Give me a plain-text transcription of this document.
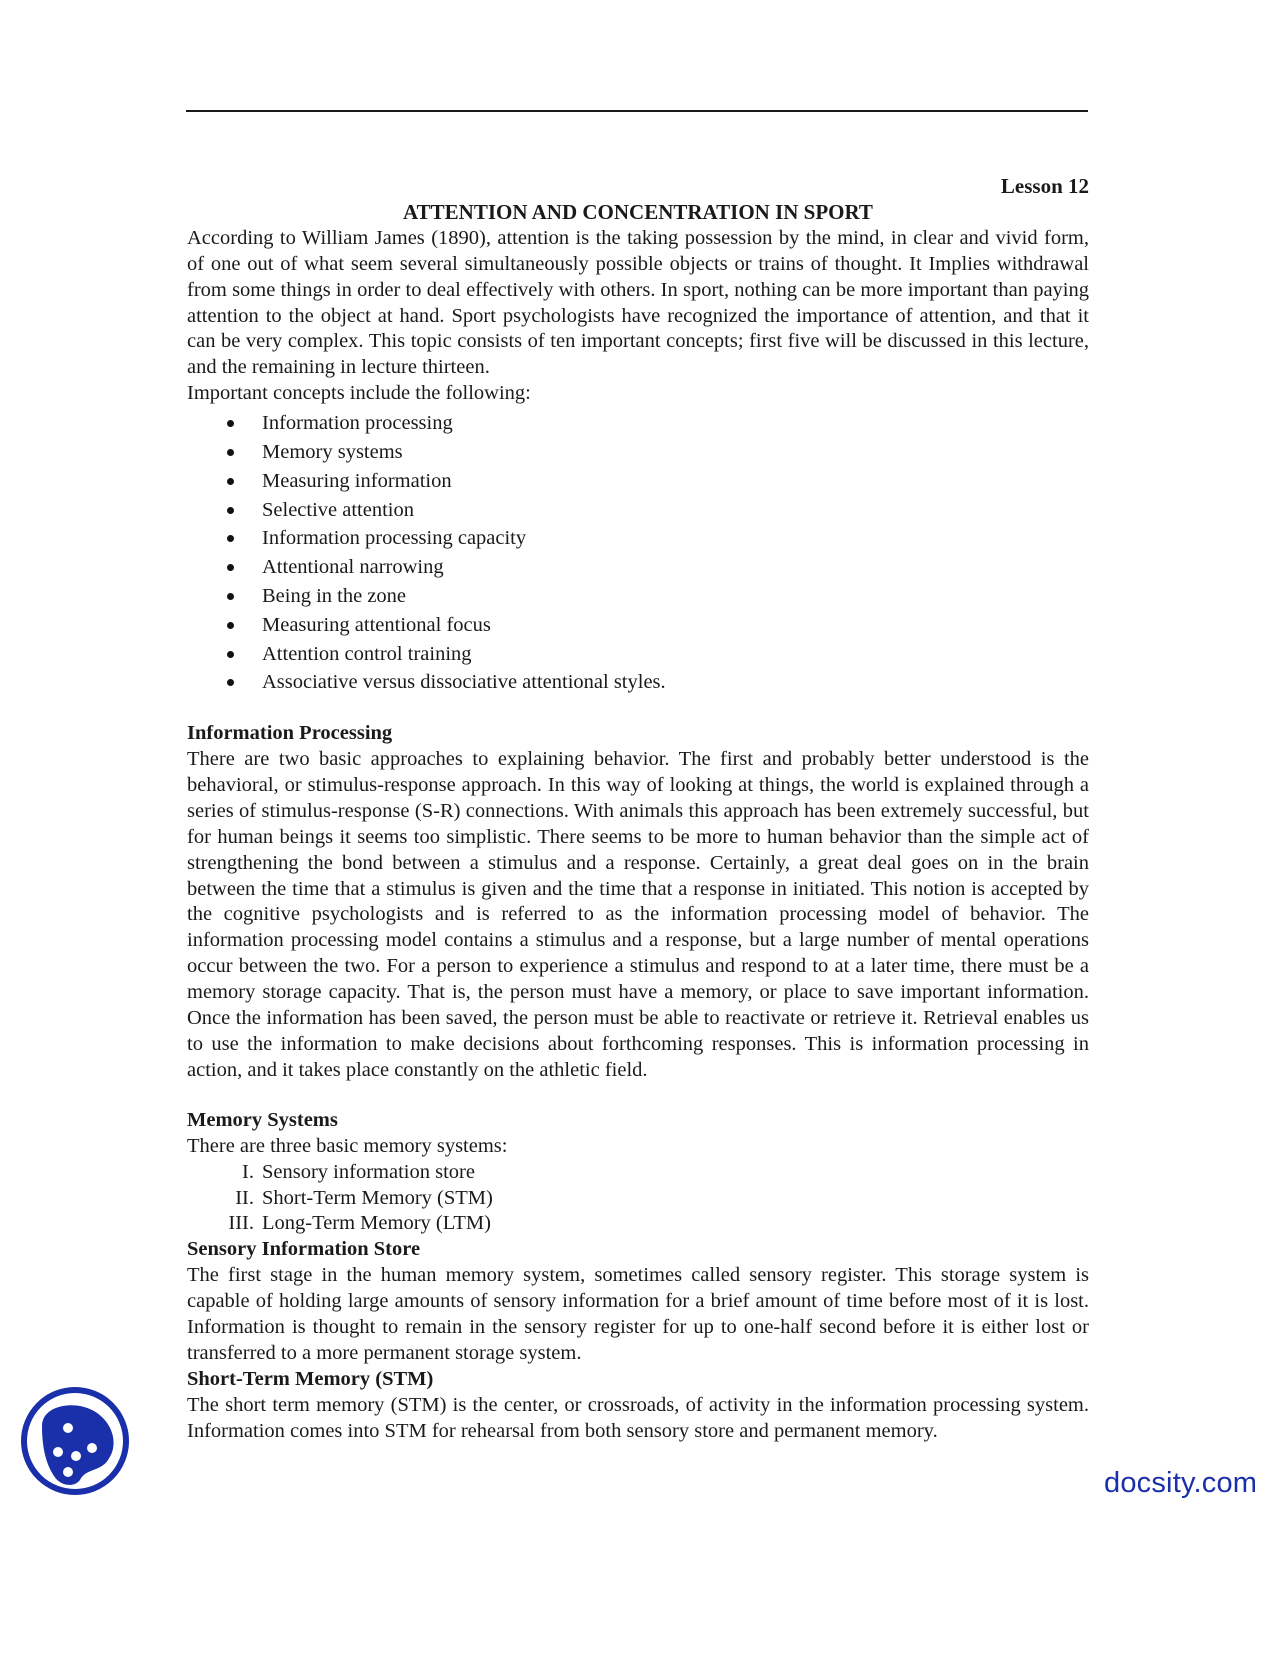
Lesson 12
ATTENTION AND CONCENTRATION IN SPORT

According to William James (1890), attention is the taking possession by the mind, in clear and vivid form, of one out of what seem several simultaneously possible objects or trains of thought. It Implies withdrawal from some things in order to deal effectively with others. In sport, nothing can be more important than paying attention to the object at hand. Sport psychologists have recognized the importance of attention, and that it can be very complex. This topic consists of ten important concepts; first five will be discussed in this lecture, and the remaining in lecture thirteen.

Important concepts include the following:
Information processing
Memory systems
Measuring information
Selective attention
Information processing capacity
Attentional narrowing
Being in the zone
Measuring attentional focus
Attention control training
Associative versus dissociative attentional styles.
Information Processing

There are two basic approaches to explaining behavior. The first and probably better understood is the behavioral, or stimulus-response approach. In this way of looking at things, the world is explained through a series of stimulus-response (S-R) connections. With animals this approach has been extremely successful, but for human beings it seems too simplistic. There seems to be more to human behavior than the simple act of strengthening the bond between a stimulus and a response. Certainly, a great deal goes on in the brain between the time that a stimulus is given and the time that a response in initiated. This notion is accepted by the cognitive psychologists and is referred to as the information processing model of behavior. The information processing model contains a stimulus and a response, but a large number of mental operations occur between the two. For a person to experience a stimulus and respond to at a later time, there must be a memory storage capacity. That is, the person must have a memory, or place to save important information. Once the information has been saved, the person must be able to reactivate or retrieve it. Retrieval enables us to use the information to make decisions about forthcoming responses. This is information processing in action, and it takes place constantly on the athletic field.

Memory Systems
There are three basic memory systems:
I. Sensory information store
II. Short-Term Memory (STM)
III. Long-Term Memory (LTM)
Sensory Information Store

The first stage in the human memory system, sometimes called sensory register. This storage system is capable of holding large amounts of sensory information for a brief amount of time before most of it is lost. Information is thought to remain in the sensory register for up to one-half second before it is either lost or transferred to a more permanent storage system.

Short-Term Memory (STM)

The short term memory (STM) is the center, or crossroads, of activity in the information processing system. Information comes into STM for rehearsal from both sensory store and permanent memory.

docsity.com
